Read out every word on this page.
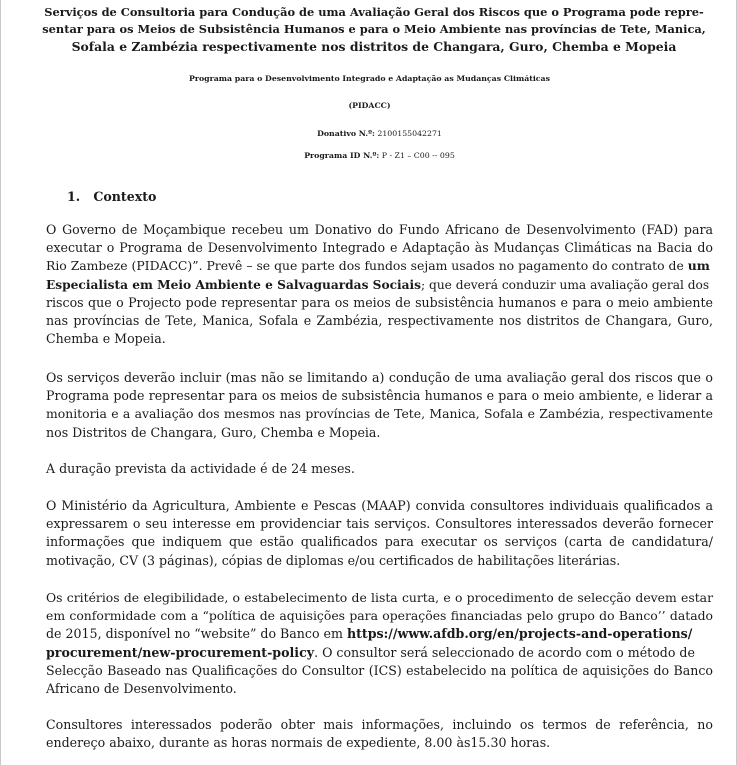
Serviços de Consultoria para Condução de uma Avaliação Geral dos Riscos que o Programa pode repre-
sentar para os Meios de Subsistência Humanos e para o Meio Ambiente nas províncias de Tete, Manica,
Sofala e Zambézia respectivamente nos distritos de Changara, Guro, Chemba e Mopeia
Programa para o Desenvolvimento Integrado e Adaptação as Mudanças Climáticas
(PIDACC)
Donativo N.º: 2100155042271
Programa ID N.º: P - Z1 – C00 -- 095
1. Contexto
O Governo de Moçambique recebeu um Donativo do Fundo Africano de Desenvolvimento (FAD) para
executar o Programa de Desenvolvimento Integrado e Adaptação às Mudanças Climáticas na Bacia do
Rio Zambeze (PIDACC)”. Prevê – se que parte dos fundos sejam usados no pagamento do contrato de um
Especialista em Meio Ambiente e Salvaguardas Sociais; que deverá conduzir uma avaliação geral dos
riscos que o Projecto pode representar para os meios de subsistência humanos e para o meio ambiente
nas províncias de Tete, Manica, Sofala e Zambézia, respectivamente nos distritos de Changara, Guro,
Chemba e Mopeia.
Os serviços deverão incluir (mas não se limitando a) condução de uma avaliação geral dos riscos que o
Programa pode representar para os meios de subsistência humanos e para o meio ambiente, e liderar a
monitoria e a avaliação dos mesmos nas províncias de Tete, Manica, Sofala e Zambézia, respectivamente
nos Distritos de Changara, Guro, Chemba e Mopeia.
A duração prevista da actividade é de 24 meses.
O Ministério da Agricultura, Ambiente e Pescas (MAAP) convida consultores individuais qualificados a
expressarem o seu interesse em providenciar tais serviços. Consultores interessados deverão fornecer
informações que indiquem que estão qualificados para executar os serviços (carta de candidatura/
motivação, CV (3 páginas), cópias de diplomas e/ou certificados de habilitações literárias.
Os critérios de elegibilidade, o estabelecimento de lista curta, e o procedimento de selecção devem estar
em conformidade com a “política de aquisições para operações financiadas pelo grupo do Banco’’ datado
de 2015, disponível no “website” do Banco em https://www.afdb.org/en/projects-and-operations/
procurement/new-procurement-policy. O consultor será seleccionado de acordo com o método de
Selecção Baseado nas Qualificações do Consultor (ICS) estabelecido na política de aquisições do Banco
Africano de Desenvolvimento.
Consultores interessados poderão obter mais informações, incluindo os termos de referência, no
endereço abaixo, durante as horas normais de expediente, 8.00 às15.30 horas.
